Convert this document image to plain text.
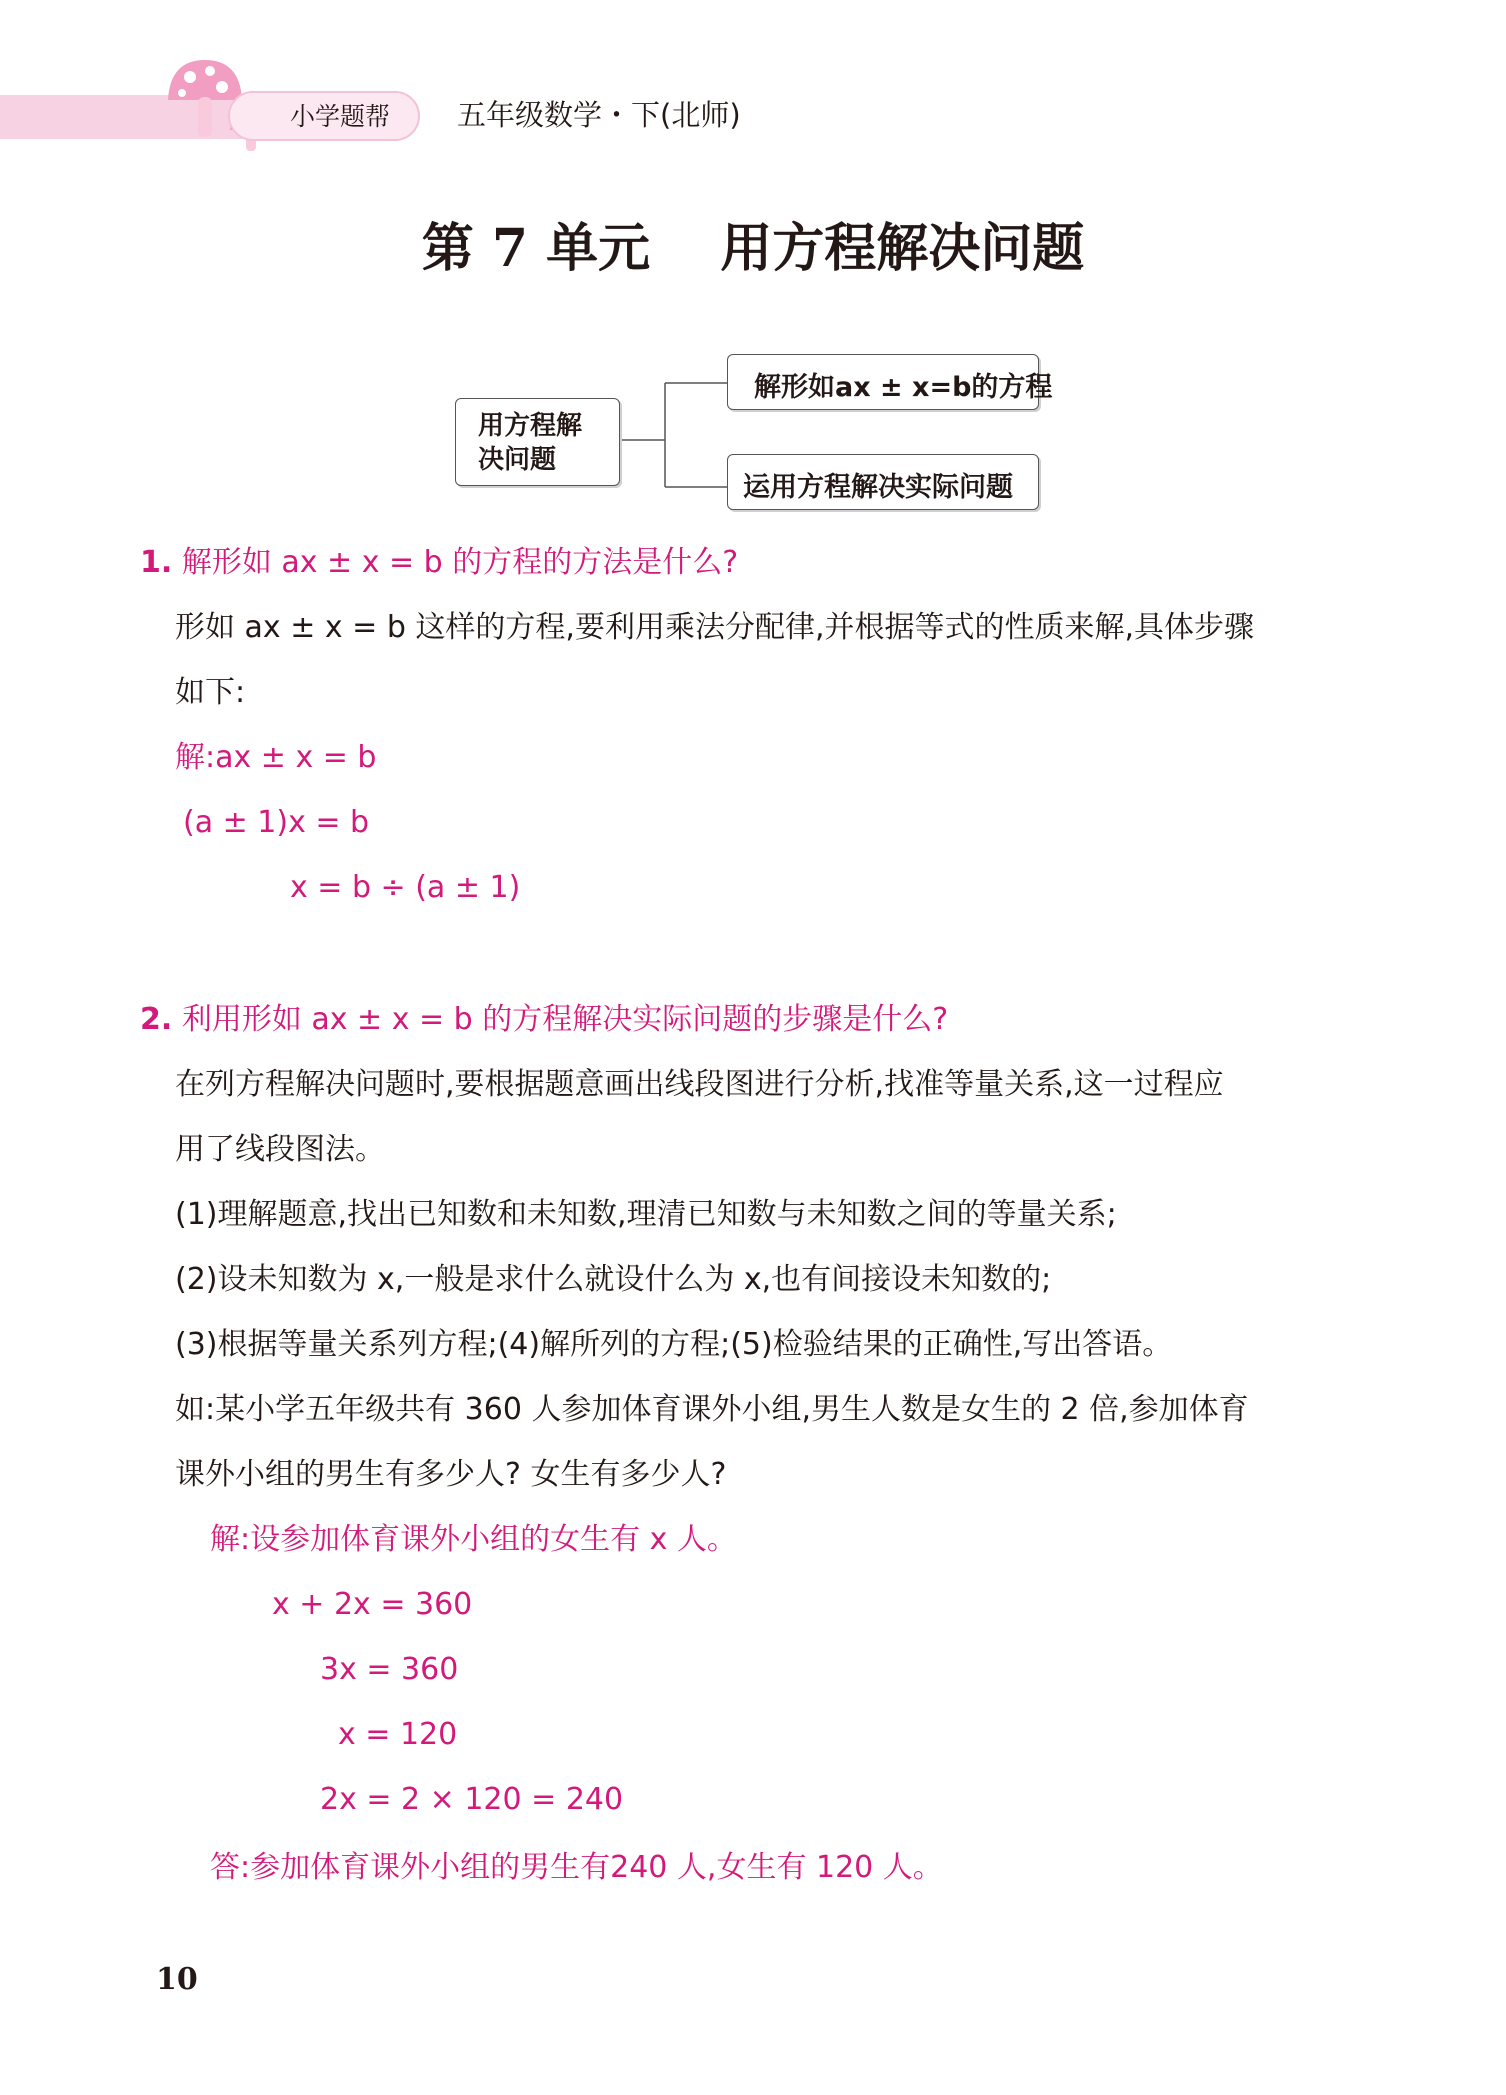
小学题帮 五年级数学・下(北师)
第 7 单元　 用方程解决问题
用方程解
决问题
解形如ax ± x=b的方程
运用方程解决实际问题
1. 解形如 ax ± x = b 的方程的方法是什么?
形如 ax ± x = b 这样的方程,要利用乘法分配律,并根据等式的性质来解,具体步骤
如下:
解:ax ± x = b
(a ± 1)x = b
x = b ÷ (a ± 1)
2. 利用形如 ax ± x = b 的方程解决实际问题的步骤是什么?
在列方程解决问题时,要根据题意画出线段图进行分析,找准等量关系,这一过程应
用了线段图法。
(1)理解题意,找出已知数和未知数,理清已知数与未知数之间的等量关系;
(2)设未知数为 x,一般是求什么就设什么为 x,也有间接设未知数的;
(3)根据等量关系列方程;(4)解所列的方程;(5)检验结果的正确性,写出答语。
如:某小学五年级共有 360 人参加体育课外小组,男生人数是女生的 2 倍,参加体育
课外小组的男生有多少人? 女生有多少人?
解:设参加体育课外小组的女生有 x 人。
x + 2x = 360
3x = 360
x = 120
2x = 2 × 120 = 240
答:参加体育课外小组的男生有240 人,女生有 120 人。
10
